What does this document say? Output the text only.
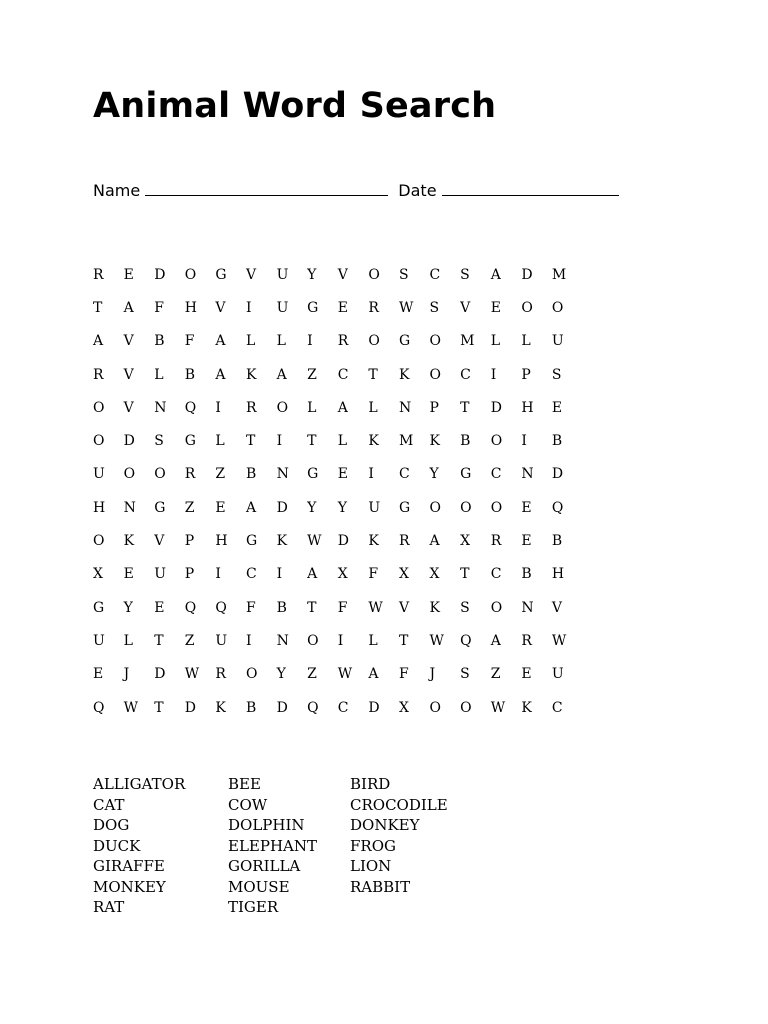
Animal Word Search
Name	Date
R	E	D	O	G	V	U	Y	V	O	S	C	S	A	D	M
T	A	F	H	V	I	U	G	E	R	W	S	V	E	O	O
A	V	B	F	A	L	L	I	R	O	G	O	M	L	L	U
R	V	L	B	A	K	A	Z	C	T	K	O	C	I	P	S
O	V	N	Q	I	R	O	L	A	L	N	P	T	D	H	E
O	D	S	G	L	T	I	T	L	K	M	K	B	O	I	B
U	O	O	R	Z	B	N	G	E	I	C	Y	G	C	N	D
H	N	G	Z	E	A	D	Y	Y	U	G	O	O	O	E	Q
O	K	V	P	H	G	K	W	D	K	R	A	X	R	E	B
X	E	U	P	I	C	I	A	X	F	X	X	T	C	B	H
G	Y	E	Q	Q	F	B	T	F	W	V	K	S	O	N	V
U	L	T	Z	U	I	N	O	I	L	T	W	Q	A	R	W
E	J	D	W	R	O	Y	Z	W	A	F	J	S	Z	E	U
Q	W	T	D	K	B	D	Q	C	D	X	O	O	W	K	C
ALLIGATOR
CAT
DOG
DUCK
GIRAFFE
MONKEY
RAT
BEE
COW
DOLPHIN
ELEPHANT
GORILLA
MOUSE
TIGER
BIRD
CROCODILE
DONKEY
FROG
LION
RABBIT
